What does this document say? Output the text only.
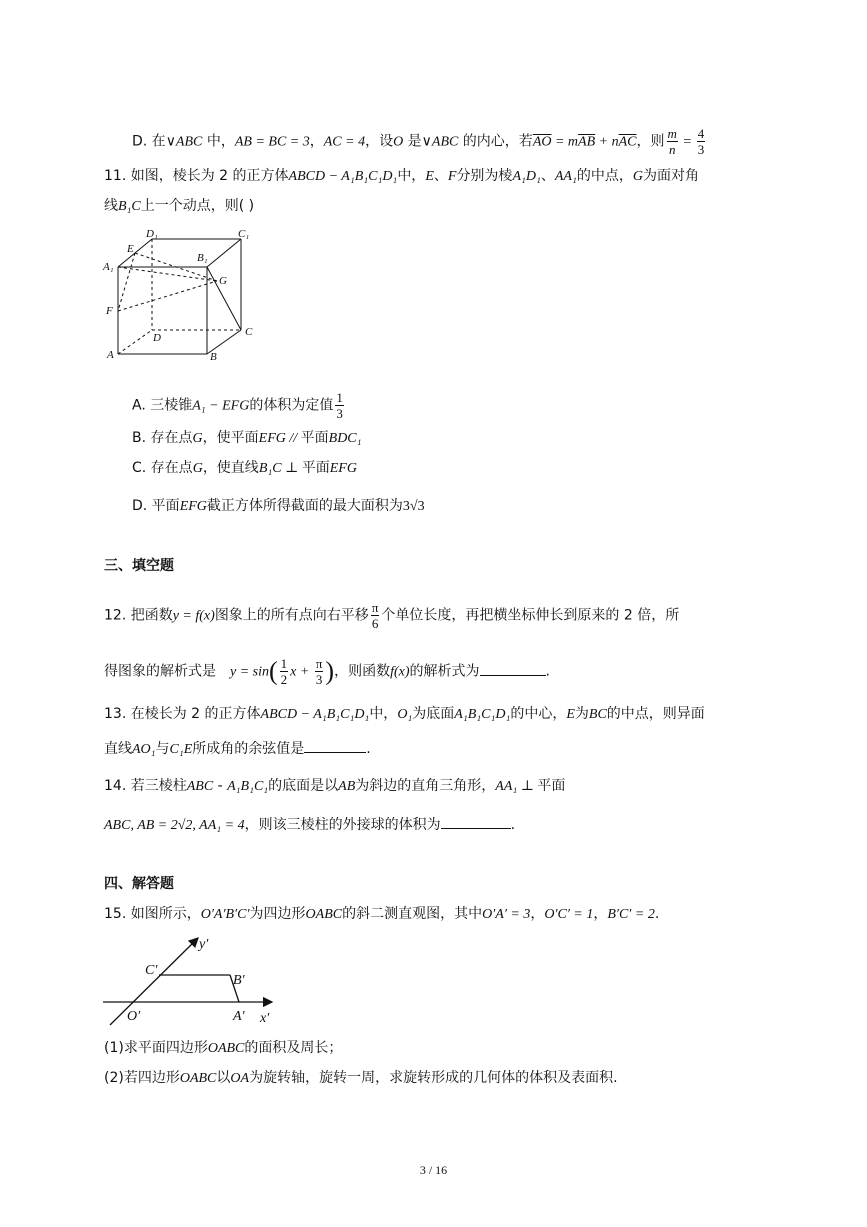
D. 在∨ABC 中，AB = BC = 3，AC = 4，设O 是∨ABC 的内心，若$\overline{AO} = m\overline{AB} + n\overline{AC}$，则 $\frac{m}{n} = \frac{4}{3}$
11. 如图，棱长为 2 的正方体ABCD − A₁B₁C₁D₁中，E、F分别为棱A₁D₁、AA₁的中点，G为面对角
线B₁C上一个动点，则( )
D₁	C₁
E
A₁
B₁
G
F
D	C
A	B
A. 三棱锥A₁ − EFG的体积为定值 $\frac{1}{3}$
B. 存在点G，使平面EFG // 平面BDC₁
C. 存在点G，使直线B₁C ⊥ 平面EFG
D. 平面EFG截正方体所得截面的最大面积为3√3
三、填空题
12. 把函数y = f(x)图象上的所有点向右平移 $\frac{\pi}{6}$ 个单位长度，再把横坐标伸长到原来的 2 倍，所
得图象的解析式是 $y = \sin( \frac{1}{2}$ $x + \frac{\pi}{3}$ )，则函数f(x)的解析式为	.
13. 在棱长为 2 的正方体ABCD − A₁B₁C₁D₁中，O₁为底面A₁B₁C₁D₁的中心，E为BC的中点，则异面
直线AO₁与C₁E所成角的余弦值是	.
14. 若三棱柱ABC - A₁B₁C₁的底面是以AB为斜边的直角三角形，AA₁ ⊥ 平面
ABC, AB = 2√2, AA₁ = 4，则该三棱柱的外接球的体积为	.
四、解答题
15. 如图所示，O′A′B′C′为四边形OABC的斜二测直观图，其中O′A′ = 3，O′C′ = 1，B′C′ = 2.
y′
C′
B′
O′	A′ x′
(1)求平面四边形OABC的面积及周长；
(2)若四边形OABC以OA为旋转轴，旋转一周，求旋转形成的几何体的体积及表面积.
3 / 16
